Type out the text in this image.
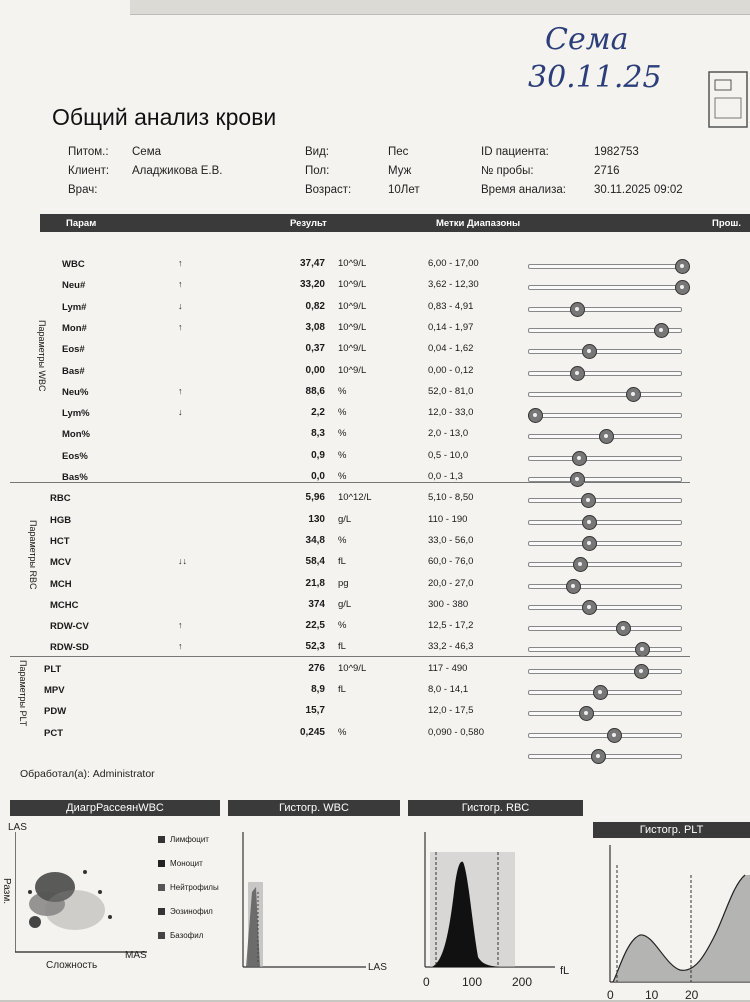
Сема
30.11.25
Общий анализ крови
Питом.: Сема
Клиент: Аладжикова Е.В.
Врач:
Вид:	Пес
Пол:	Муж
Возраст:	10Лет
ID пациента:	1982753
№ пробы:	2716
Время анализа: 30.11.2025 09:02
Парам	Результ	Метки Диапазоны	Прош.
WBC	↑	37,47 10^9/L	6,00 - 17,00
Neu#	↑	33,20 10^9/L	3,62 - 12,30
Lym#	↓	0,82 10^9/L	0,83 - 4,91
Mon#	↑	3,08 10^9/L	0,14 - 1,97
Eos#	0,37 10^9/L	0,04 - 1,62
Bas#	0,00 10^9/L	0,00 - 0,12
Neu%	↑	88,6 %	52,0 - 81,0
Lym%	↓	2,2 %	12,0 - 33,0
Mon%	8,3 %	2,0 - 13,0
Eos%	0,9 %	0,5 - 10,0
Bas%	0,0 %	0,0 - 1,3
RBC	5,96 10^12/L	5,10 - 8,50
HGB	130 g/L	110 - 190
HCT	34,8 %	33,0 - 56,0
MCV	↓↓	58,4 fL	60,0 - 76,0
MCH	21,8 pg	20,0 - 27,0
MCHC	374 g/L	300 - 380
RDW-CV	↑	22,5 %	12,5 - 17,2
RDW-SD	↑	52,3 fL	33,2 - 46,3
PLT	276 10^9/L	117 - 490
MPV	8,9 fL	8,0 - 14,1
PDW	15,7	12,0 - 17,5
PCT	0,245 %	0,090 - 0,580
Параметры WBC
Параметры RBC
Параметры PLT
Обработал(а): Administrator
ДиагрРассеянWBC	Гистогр. WBC	Гистогр. RBC
Гистогр. PLT
LAS
Разм.
Сложность
MAS
Лимфоцит
Моноцит
Нейтрофилы
Эозинофил
Базофил
LAS
0	100 200
fL
0	10 20
